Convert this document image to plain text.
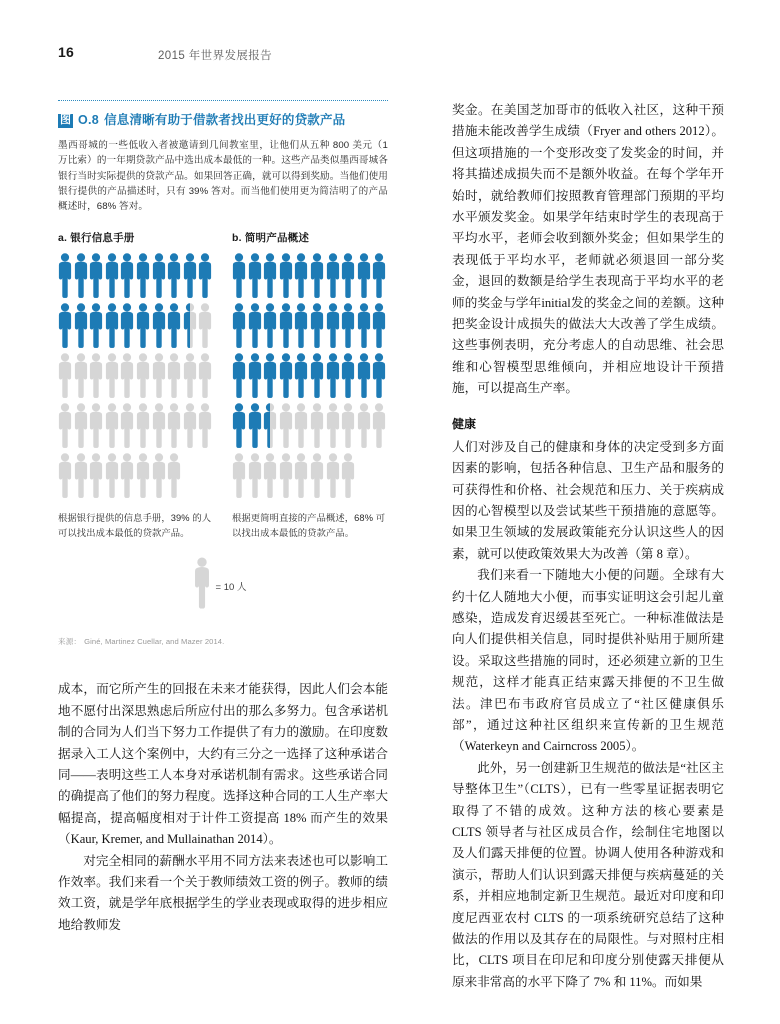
16	2015 年世界发展报告
图 O.8 信息清晰有助于借款者找出更好的贷款产品
墨西哥城的一些低收入者被邀请到几间教室里，让他们从五种 800 美元（1 万比索）的一年期贷款产品中选出成本最低的一种。这些产品类似墨西哥城各银行当时实际提供的贷款产品。如果回答正确，就可以得到奖励。当他们使用银行提供的产品描述时，只有 39% 答对。而当他们使用更为简洁明了的产品概述时，68% 答对。
a. 银行信息手册
根据银行提供的信息手册，39% 的人可以找出成本最低的贷款产品。
b. 简明产品概述
根据更简明直接的产品概述，68% 可以找出成本最低的贷款产品。
= 10 人
来源： Giné, Martinez Cuellar, and Mazer 2014.

成本，而它所产生的回报在未来才能获得，因此人们会本能地不愿付出深思熟虑后所应付出的那么多努力。包含承诺机制的合同为人们当下努力工作提供了有力的激励。在印度数据录入工人这个案例中，大约有三分之一选择了这种承诺合同——表明这些工人本身对承诺机制有需求。这些承诺合同的确提高了他们的努力程度。选择这种合同的工人生产率大幅提高，提高幅度相对于计件工资提高 18% 而产生的效果（Kaur, Kremer, and Mullainathan 2014）。

对完全相同的薪酬水平用不同方法来表述也可以影响工作效率。我们来看一个关于教师绩效工资的例子。教师的绩效工资，就是学年底根据学生的学业表现或取得的进步相应地给教师发

奖金。在美国芝加哥市的低收入社区，这种干预措施未能改善学生成绩（Fryer and others 2012）。但这项措施的一个变形改变了发奖金的时间，并将其描述成损失而不是额外收益。在每个学年开始时，就给教师们按照教育管理部门预期的平均水平颁发奖金。如果学年结束时学生的表现高于平均水平，老师会收到额外奖金；但如果学生的表现低于平均水平，老师就必须退回一部分奖金，退回的数额是给学生表现高于平均水平的老师的奖金与学年initial发的奖金之间的差额。这种把奖金设计成损失的做法大大改善了学生成绩。这些事例表明，充分考虑人的自动思维、社会思维和心智模型思维倾向，并相应地设计干预措施，可以提高生产率。

健康

人们对涉及自己的健康和身体的决定受到多方面因素的影响，包括各种信息、卫生产品和服务的可获得性和价格、社会规范和压力、关于疾病成因的心智模型以及尝试某些干预措施的意愿等。如果卫生领域的发展政策能充分认识这些人的因素，就可以使政策效果大为改善（第 8 章）。

我们来看一下随地大小便的问题。全球有大约十亿人随地大小便，而事实证明这会引起儿童感染，造成发育迟缓甚至死亡。一种标准做法是向人们提供相关信息，同时提供补贴用于厕所建设。采取这些措施的同时，还必须建立新的卫生规范，这样才能真正结束露天排便的不卫生做法。津巴布韦政府官员成立了“社区健康俱乐部”，通过这种社区组织来宣传新的卫生规范（Waterkeyn and Cairncross 2005）。

此外，另一创建新卫生规范的做法是“社区主导整体卫生”（CLTS），已有一些零星证据表明它取得了不错的成效。这种方法的核心要素是 CLTS 领导者与社区成员合作，绘制住宅地图以及人们露天排便的位置。协调人使用各种游戏和演示，帮助人们认识到露天排便与疾病蔓延的关系，并相应地制定新卫生规范。最近对印度和印度尼西亚农村 CLTS 的一项系统研究总结了这种做法的作用以及其存在的局限性。与对照村庄相比，CLTS 项目在印尼和印度分别使露天排便从原来非常高的水平下降了 7% 和 11%。而如果
